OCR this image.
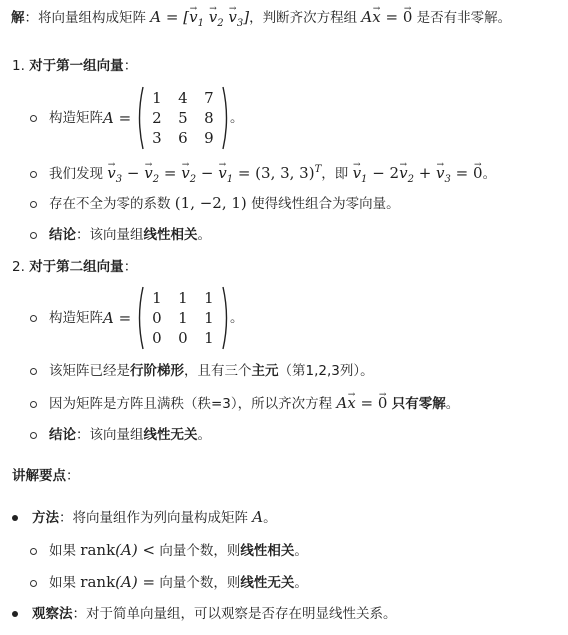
解：将向量组构成矩阵 A = [→ $v_1 \to v_2 \to v_3$]，判断齐次方程组 A→ x = → 0 是否有非零解。
1. 对于第一组向量：
构造矩阵 A =
1	4	7
2	5	8
3	6	9
。
我们发现 → $v_3$ − → $v_2$ = → $v_2$ − → $v_1 = (3$, 3, 3)$^T$，即 → $v_1 - 2\to v_2$ + → $v_3$ = → 0。
存在不全为零的系数 (1, −2, 1) 使得线性组合为零向量。
结论：该向量组线性相关。
2. 对于第二组向量：
构造矩阵 A =
1	1	1
0	1	1
0	0	1
。
该矩阵已经是行阶梯形，且有三个主元（第1,2,3列）。
因为矩阵是方阵且满秩（秩=3），所以齐次方程 A→ x = → 0 只有零解。
结论：该向量组线性无关。
讲解要点：
方法：将向量组作为列向量构成矩阵 A。
如果 rank(A) < 向量个数，则线性相关。
如果 rank(A) = 向量个数，则线性无关。
观察法：对于简单向量组，可以观察是否存在明显线性关系。
